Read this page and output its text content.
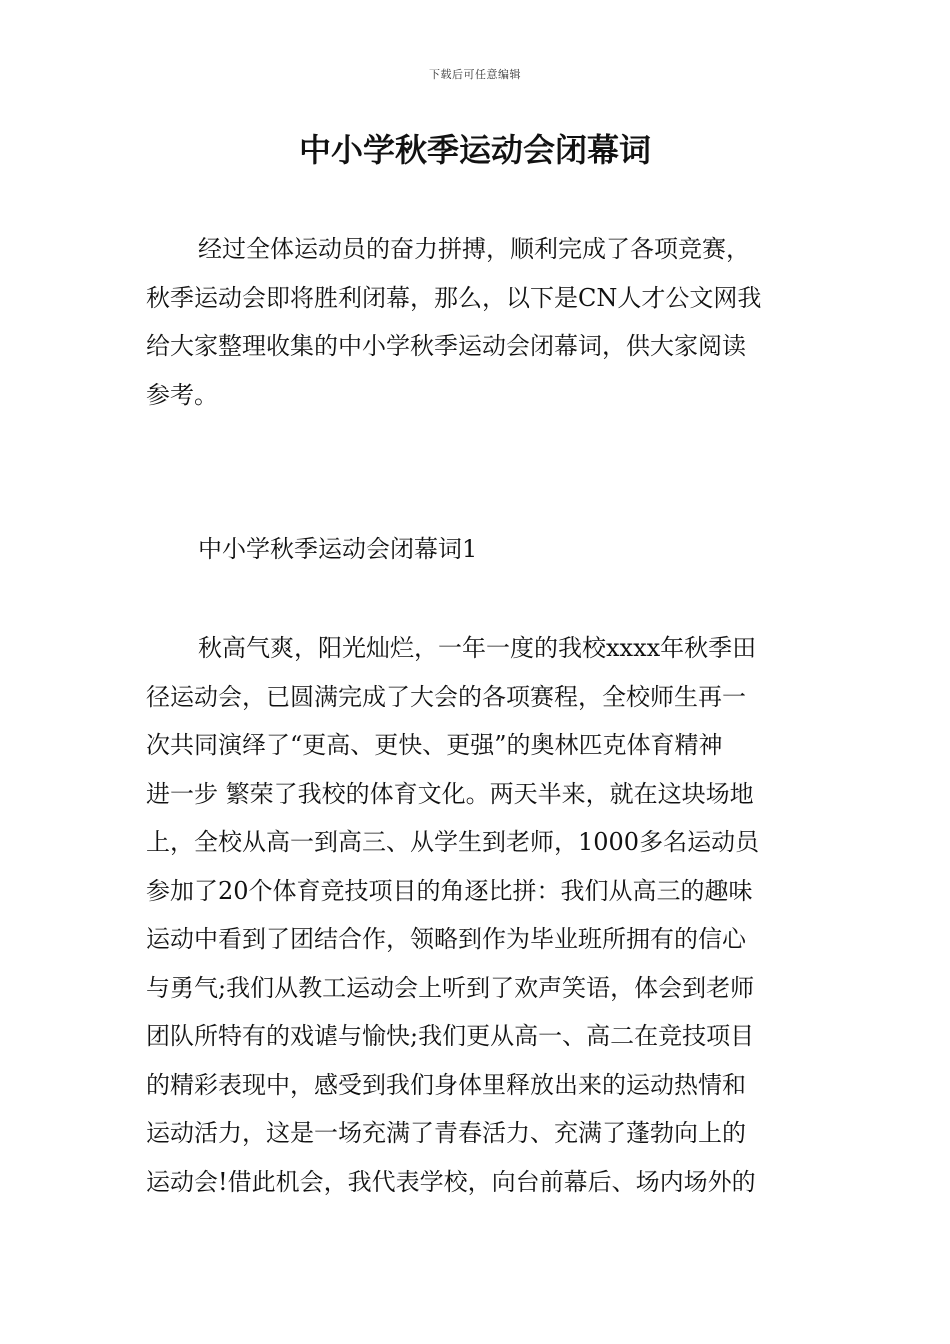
下载后可任意编辑
中小学秋季运动会闭幕词
经过全体运动员的奋力拼搏，顺利完成了各项竞赛，
秋季运动会即将胜利闭幕，那么，以下是CN人才公文网我
给大家整理收集的中小学秋季运动会闭幕词，供大家阅读
参考。
中小学秋季运动会闭幕词1
秋高气爽，阳光灿烂，一年一度的我校xxxx年秋季田
径运动会，已圆满完成了大会的各项赛程，全校师生再一
次共同演绎了“更高、更快、更强”的奥林匹克体育精神
进一步 繁荣了我校的体育文化。两天半来，就在这块场地
上，全校从高一到高三、从学生到老师，1000多名运动员
参加了20个体育竞技项目的角逐比拼：我们从高三的趣味
运动中看到了团结合作，领略到作为毕业班所拥有的信心
与勇气;我们从教工运动会上听到了欢声笑语，体会到老师
团队所特有的戏谑与愉快;我们更从高一、高二在竞技项目
的精彩表现中，感受到我们身体里释放出来的运动热情和
运动活力，这是一场充满了青春活力、充满了蓬勃向上的
运动会!借此机会，我代表学校，向台前幕后、场内场外的
